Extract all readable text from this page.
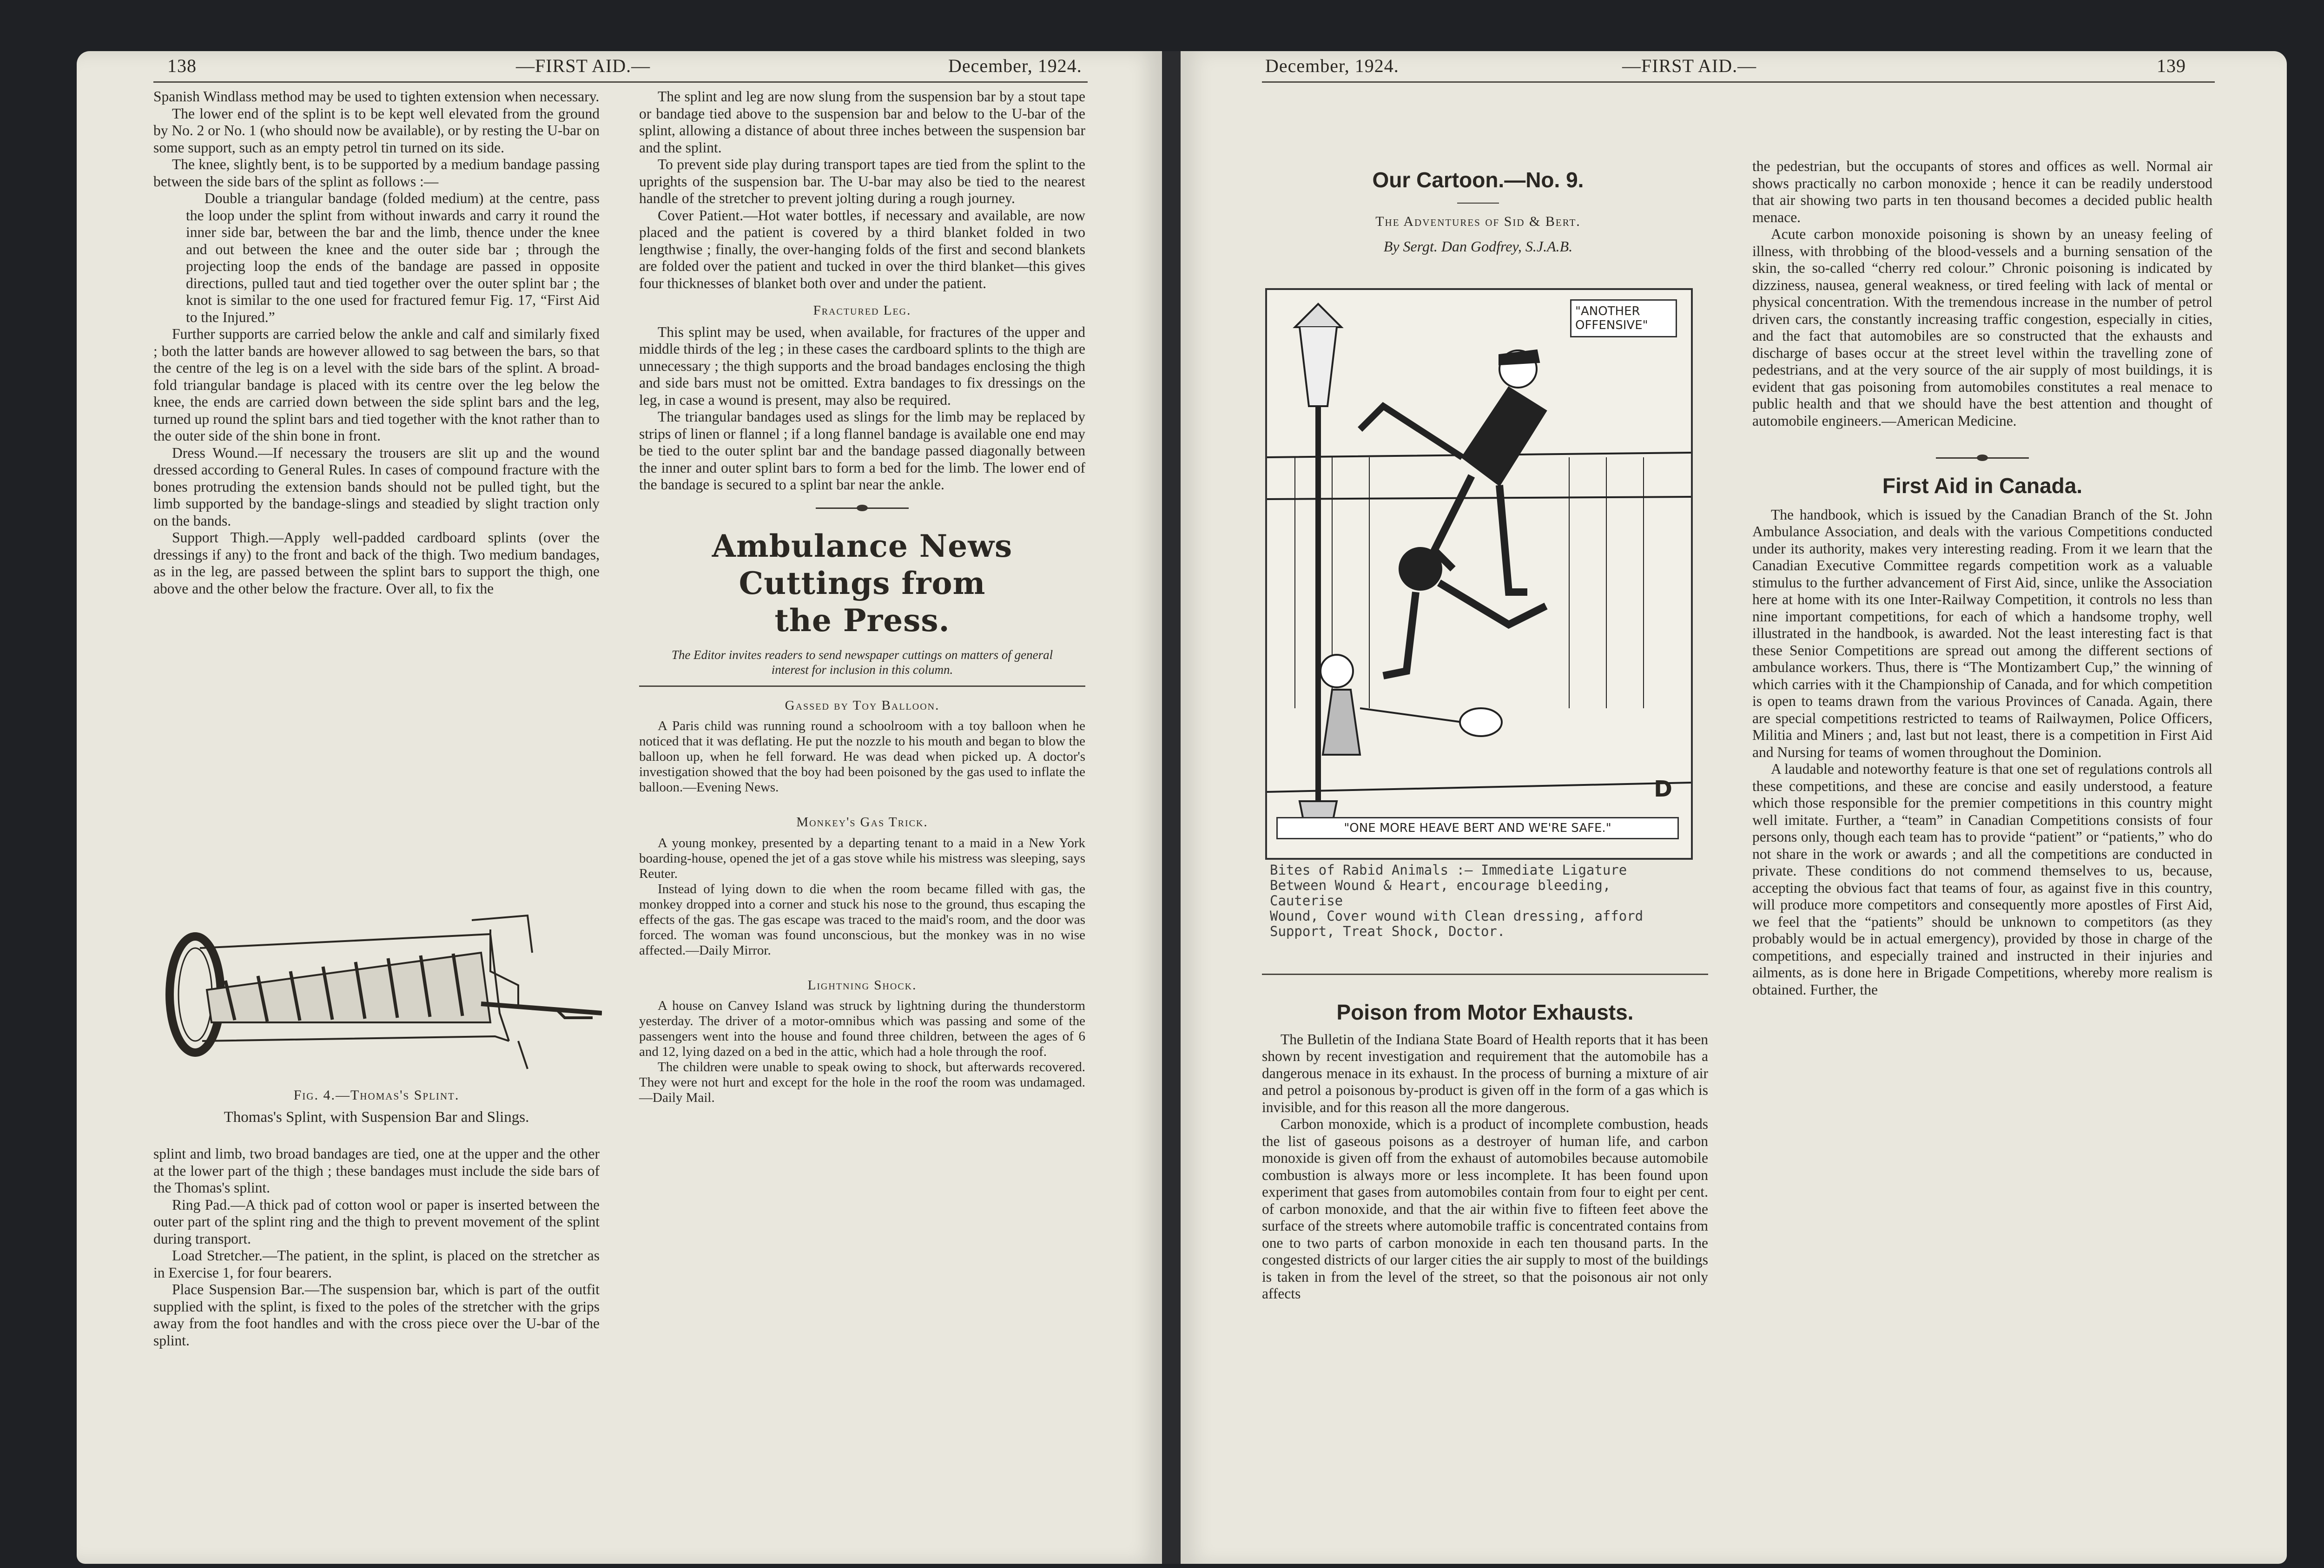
138	—FIRST AID.—	December, 1924.

Spanish Windlass method may be used to tighten extension when necessary.

The lower end of the splint is to be kept well elevated from the ground by No. 2 or No. 1 (who should now be available), or by resting the U-bar on some support, such as an empty petrol tin turned on its side.

The knee, slightly bent, is to be supported by a medium bandage passing between the side bars of the splint as follows :—

Double a triangular bandage (folded medium) at the centre, pass the loop under the splint from without inwards and carry it round the inner side bar, between the bar and the limb, thence under the knee and out between the knee and the outer side bar ; through the projecting loop the ends of the bandage are passed in opposite directions, pulled taut and tied together over the outer splint bar ; the knot is similar to the one used for fractured femur Fig. 17, “First Aid to the Injured.”

Further supports are carried below the ankle and calf and similarly fixed ; both the latter bands are however allowed to sag between the bars, so that the centre of the leg is on a level with the side bars of the splint. A broad-fold triangular bandage is placed with its centre over the leg below the knee, the ends are carried down between the side splint bars and the leg, turned up round the splint bars and tied together with the knot rather than to the outer side of the shin bone in front.

Dress Wound.—If necessary the trousers are slit up and the wound dressed according to General Rules. In cases of compound fracture with the bones protruding the extension bands should not be pulled tight, but the limb supported by the bandage-slings and steadied by slight traction only on the bands.

Support Thigh.—Apply well-padded cardboard splints (over the dressings if any) to the front and back of the thigh. Two medium bandages, as in the leg, are passed between the splint bars to support the thigh, one above and the other below the fracture. Over all, to fix the

Fig. 4.—Thomas's Splint.
Thomas's Splint, with Suspension Bar and Slings.

splint and limb, two broad bandages are tied, one at the upper and the other at the lower part of the thigh ; these bandages must include the side bars of the Thomas's splint.

Ring Pad.—A thick pad of cotton wool or paper is inserted between the outer part of the splint ring and the thigh to prevent movement of the splint during transport.

Load Stretcher.—The patient, in the splint, is placed on the stretcher as in Exercise 1, for four bearers.

Place Suspension Bar.—The suspension bar, which is part of the outfit supplied with the splint, is fixed to the poles of the stretcher with the grips away from the foot handles and with the cross piece over the U-bar of the splint.

The splint and leg are now slung from the suspension bar by a stout tape or bandage tied above to the suspension bar and below to the U-bar of the splint, allowing a distance of about three inches between the suspension bar and the splint.

To prevent side play during transport tapes are tied from the splint to the uprights of the suspension bar. The U-bar may also be tied to the nearest handle of the stretcher to prevent jolting during a rough journey.

Cover Patient.—Hot water bottles, if necessary and available, are now placed and the patient is covered by a third blanket folded in two lengthwise ; finally, the over-hanging folds of the first and second blankets are folded over the patient and tucked in over the third blanket—this gives four thicknesses of blanket both over and under the patient.

Fractured Leg.

This splint may be used, when available, for fractures of the upper and middle thirds of the leg ; in these cases the cardboard splints to the thigh are unnecessary ; the thigh supports and the broad bandages enclosing the thigh and side bars must not be omitted. Extra bandages to fix dressings on the leg, in case a wound is present, may also be required.

The triangular bandages used as slings for the limb may be replaced by strips of linen or flannel ; if a long flannel bandage is available one end may be tied to the outer splint bar and the bandage passed diagonally between the inner and outer splint bars to form a bed for the limb. The lower end of the bandage is secured to a splint bar near the ankle.

Ambulance News Cuttings from
the Press.
The Editor invites readers to send newspaper cuttings on matters of general interest for inclusion in this column.
Gassed by Toy Balloon.

A Paris child was running round a schoolroom with a toy balloon when he noticed that it was deflating. He put the nozzle to his mouth and began to blow the balloon up, when he fell forward. He was dead when picked up. A doctor's investigation showed that the boy had been poisoned by the gas used to inflate the balloon.—Evening News.

Monkey's Gas Trick.

A young monkey, presented by a departing tenant to a maid in a New York boarding-house, opened the jet of a gas stove while his mistress was sleeping, says Reuter.

Instead of lying down to die when the room became filled with gas, the monkey dropped into a corner and stuck his nose to the ground, thus escaping the effects of the gas. The gas escape was traced to the maid's room, and the door was forced. The woman was found unconscious, but the monkey was in no wise affected.—Daily Mirror.

Lightning Shock.

A house on Canvey Island was struck by lightning during the thunderstorm yesterday. The driver of a motor-omnibus which was passing and some of the passengers went into the house and found three children, between the ages of 6 and 12, lying dazed on a bed in the attic, which had a hole through the roof.

The children were unable to speak owing to shock, but afterwards recovered. They were not hurt and except for the hole in the roof the room was undamaged.—Daily Mail.

December, 1924.	—FIRST AID.—	139
Our Cartoon.—No. 9.
The Adventures of Sid & Bert.
By Sergt. Dan Godfrey, S.J.A.B.
"ANOTHER OFFENSIVE"
"ONE MORE HEAVE BERT AND WE'RE SAFE."
D
Bites of Rabid Animals :— Immediate Ligature
Between Wound & Heart, encourage bleeding, Cauterise
Wound, Cover wound with Clean dressing, afford
Support, Treat Shock, Doctor.
Poison from Motor Exhausts.

The Bulletin of the Indiana State Board of Health reports that it has been shown by recent investigation and requirement that the automobile has a dangerous menace in its exhaust. In the process of burning a mixture of air and petrol a poisonous by-product is given off in the form of a gas which is invisible, and for this reason all the more dangerous.

Carbon monoxide, which is a product of incomplete combustion, heads the list of gaseous poisons as a destroyer of human life, and carbon monoxide is given off from the exhaust of automobiles because automobile combustion is always more or less incomplete. It has been found upon experiment that gases from automobiles contain from four to eight per cent. of carbon monoxide, and that the air within five to fifteen feet above the surface of the streets where automobile traffic is concentrated contains from one to two parts of carbon monoxide in each ten thousand parts. In the congested districts of our larger cities the air supply to most of the buildings is taken in from the level of the street, so that the poisonous air not only affects

the pedestrian, but the occupants of stores and offices as well. Normal air shows practically no carbon monoxide ; hence it can be readily understood that air showing two parts in ten thousand becomes a decided public health menace.

Acute carbon monoxide poisoning is shown by an uneasy feeling of illness, with throbbing of the blood-vessels and a burning sensation of the skin, the so-called “cherry red colour.” Chronic poisoning is indicated by dizziness, nausea, general weakness, or tired feeling with lack of mental or physical concentration. With the tremendous increase in the number of petrol driven cars, the constantly increasing traffic congestion, especially in cities, and the fact that automobiles are so constructed that the exhausts and discharge of bases occur at the street level within the travelling zone of pedestrians, and at the very source of the air supply of most buildings, it is evident that gas poisoning from automobiles constitutes a real menace to public health and that we should have the best attention and thought of automobile engineers.—American Medicine.

First Aid in Canada.

The handbook, which is issued by the Canadian Branch of the St. John Ambulance Association, and deals with the various Competitions conducted under its authority, makes very interesting reading. From it we learn that the Canadian Executive Committee regards competition work as a valuable stimulus to the further advancement of First Aid, since, unlike the Association here at home with its one Inter-Railway Competition, it controls no less than nine important competitions, for each of which a handsome trophy, well illustrated in the handbook, is awarded. Not the least interesting fact is that these Senior Competitions are spread out among the different sections of ambulance workers. Thus, there is “The Montizambert Cup,” the winning of which carries with it the Championship of Canada, and for which competition is open to teams drawn from the various Provinces of Canada. Again, there are special competitions restricted to teams of Railwaymen, Police Officers, Militia and Miners ; and, last but not least, there is a competition in First Aid and Nursing for teams of women throughout the Dominion.

A laudable and noteworthy feature is that one set of regulations controls all these competitions, and these are concise and easily understood, a feature which those responsible for the premier competitions in this country might well imitate. Further, a “team” in Canadian Competitions consists of four persons only, though each team has to provide “patient” or “patients,” who do not share in the work or awards ; and all the competitions are conducted in private. These conditions do not commend themselves to us, because, accepting the obvious fact that teams of four, as against five in this country, will produce more competitors and consequently more apostles of First Aid, we feel that the “patients” should be unknown to competitors (as they probably would be in actual emergency), provided by those in charge of the competitions, and especially trained and instructed in their injuries and ailments, as is done here in Brigade Competitions, whereby more realism is obtained. Further, the
